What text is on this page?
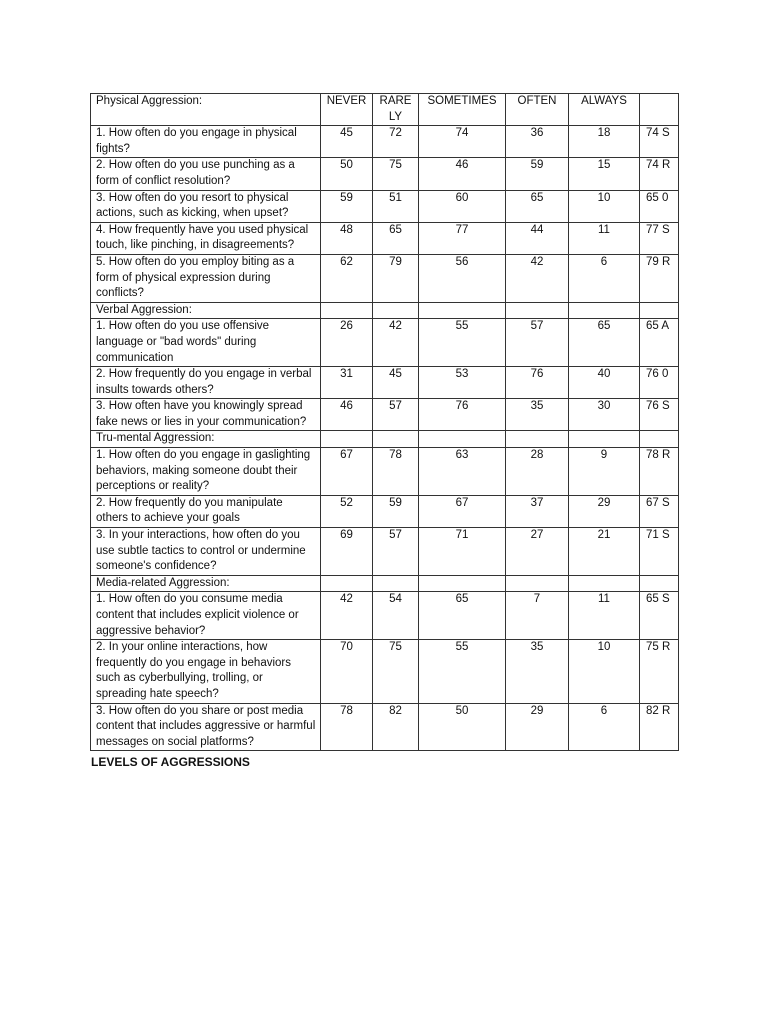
Physical Aggression:	NEVER	RARE LY	SOMETIMES	OFTEN	ALWAYS	
1. How often do you engage in physical fights?	45	72	74	36	18	74 S
2. How often do you use punching as a form of conflict resolution?	50	75	46	59	15	74 R
3. How often do you resort to physical actions, such as kicking, when upset?	59	51	60	65	10	65 0
4. How frequently have you used physical touch, like pinching, in disagreements?	48	65	77	44	11	77 S
5. How often do you employ biting as a form of physical expression during conflicts?	62	79	56	42	6	79 R
Verbal Aggression:						
1. How often do you use offensive language or "bad words" during communication	26	42	55	57	65	65 A
2. How frequently do you engage in verbal insults towards others?	31	45	53	76	40	76 0
3. How often have you knowingly spread fake news or lies in your communication?	46	57	76	35	30	76 S
Tru-mental Aggression:						
1. How often do you engage in gaslighting behaviors, making someone doubt their perceptions or reality?	67	78	63	28	9	78 R
2. How frequently do you manipulate others to achieve your goals	52	59	67	37	29	67 S
3. In your interactions, how often do you use subtle tactics to control or undermine someone's confidence?	69	57	71	27	21	71 S
Media-related Aggression:						
1. How often do you consume media content that includes explicit violence or aggressive behavior?	42	54	65	7	11	65 S
2. In your online interactions, how frequently do you engage in behaviors such as cyberbullying, trolling, or spreading hate speech?	70	75	55	35	10	75 R
3. How often do you share or post media content that includes aggressive or harmful messages on social platforms?	78	82	50	29	6	82 R
LEVELS OF AGGRESSIONS
